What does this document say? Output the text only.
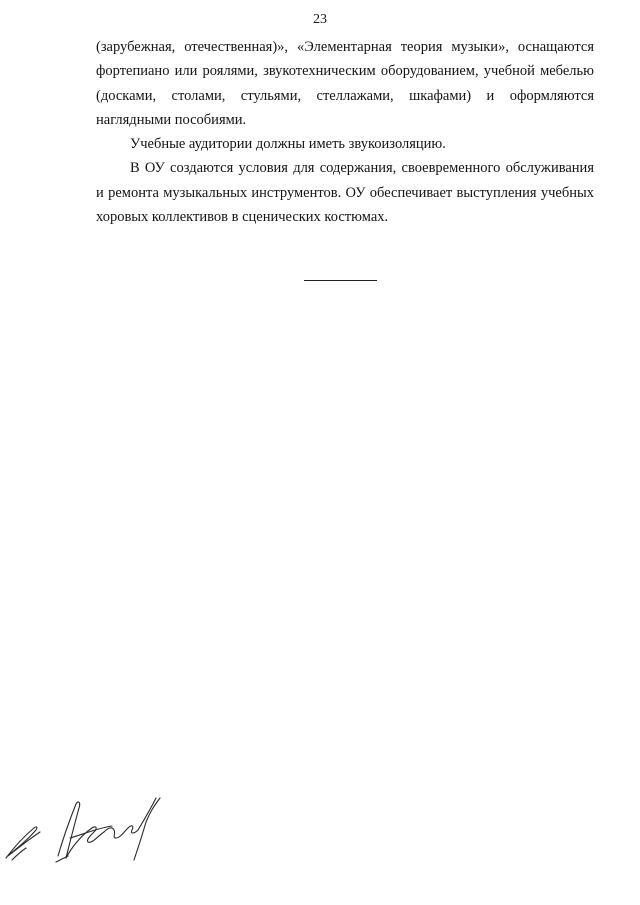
23

(зарубежная, отечественная)», «Элементарная теория музыки», оснащаются фортепиано или роялями, звукотехническим оборудованием, учебной мебелью (досками, столами, стульями, стеллажами, шкафами) и оформляются наглядными пособиями.

Учебные аудитории должны иметь звукоизоляцию.

В ОУ создаются условия для содержания, своевременного обслуживания и ремонта музыкальных инструментов. ОУ обеспечивает выступления учебных хоровых коллективов в сценических костюмах.
